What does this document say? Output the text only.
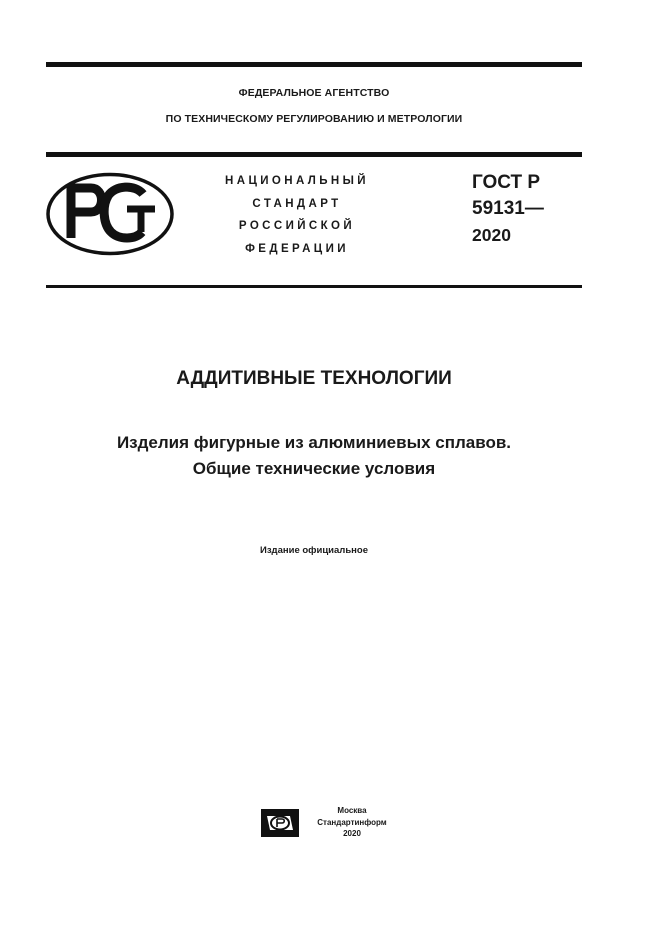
ФЕДЕРАЛЬНОЕ АГЕНТСТВО
ПО ТЕХНИЧЕСКОМУ РЕГУЛИРОВАНИЮ И МЕТРОЛОГИИ
НАЦИОНАЛЬНЫЙ
СТАНДАРТ
РОССИЙСКОЙ
ФЕДЕРАЦИИ
ГОСТ Р
59131—
2020
АДДИТИВНЫЕ ТЕХНОЛОГИИ
Изделия фигурные из алюминиевых сплавов.
Общие технические условия
Издание официальное
Москва
Стандартинформ
2020
